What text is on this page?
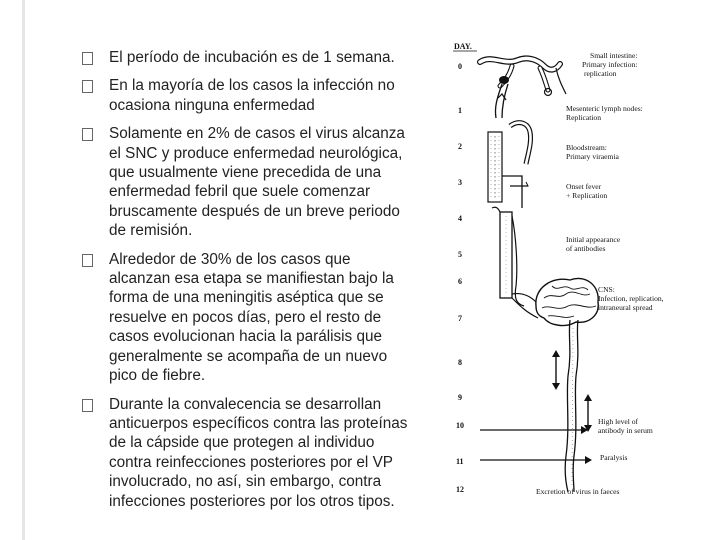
El período de incubación es de 1 semana.
En la mayoría de los casos la infección no ocasiona ninguna enfermedad
Solamente en 2% de casos el virus alcanza el SNC y produce enfermedad neurológica, que usualmente viene precedida de una enfermedad febril que suele comenzar bruscamente después de un breve periodo de remisión.
Alrededor de 30% de los casos que alcanzan esa etapa se manifiestan bajo la forma de una meningitis aséptica que se resuelve en pocos días, pero el resto de casos evolucionan hacia la parálisis que generalmente se acompaña de un nuevo pico de fiebre.
Durante la convalecencia se desarrollan anticuerpos específicos contra las proteínas de la cápside que protegen al individuo contra reinfecciones posteriores por el VP involucrado, no así, sin embargo, contra infecciones posteriores por los otros tipos.
DAY.
0
1
2
3
4
5
6
7
8
9
10
11
12
Small intestine:
Primary infection:
replication
Mesenteric lymph nodes:
Replication
Bloodstream:
Primary viraemia
Onset fever
+ Replication
Initial appearance
of antibodies
CNS:
Infection, replication,
intraneural spread
High level of
antibody in serum
Paralysis
Excretion of virus in faeces
